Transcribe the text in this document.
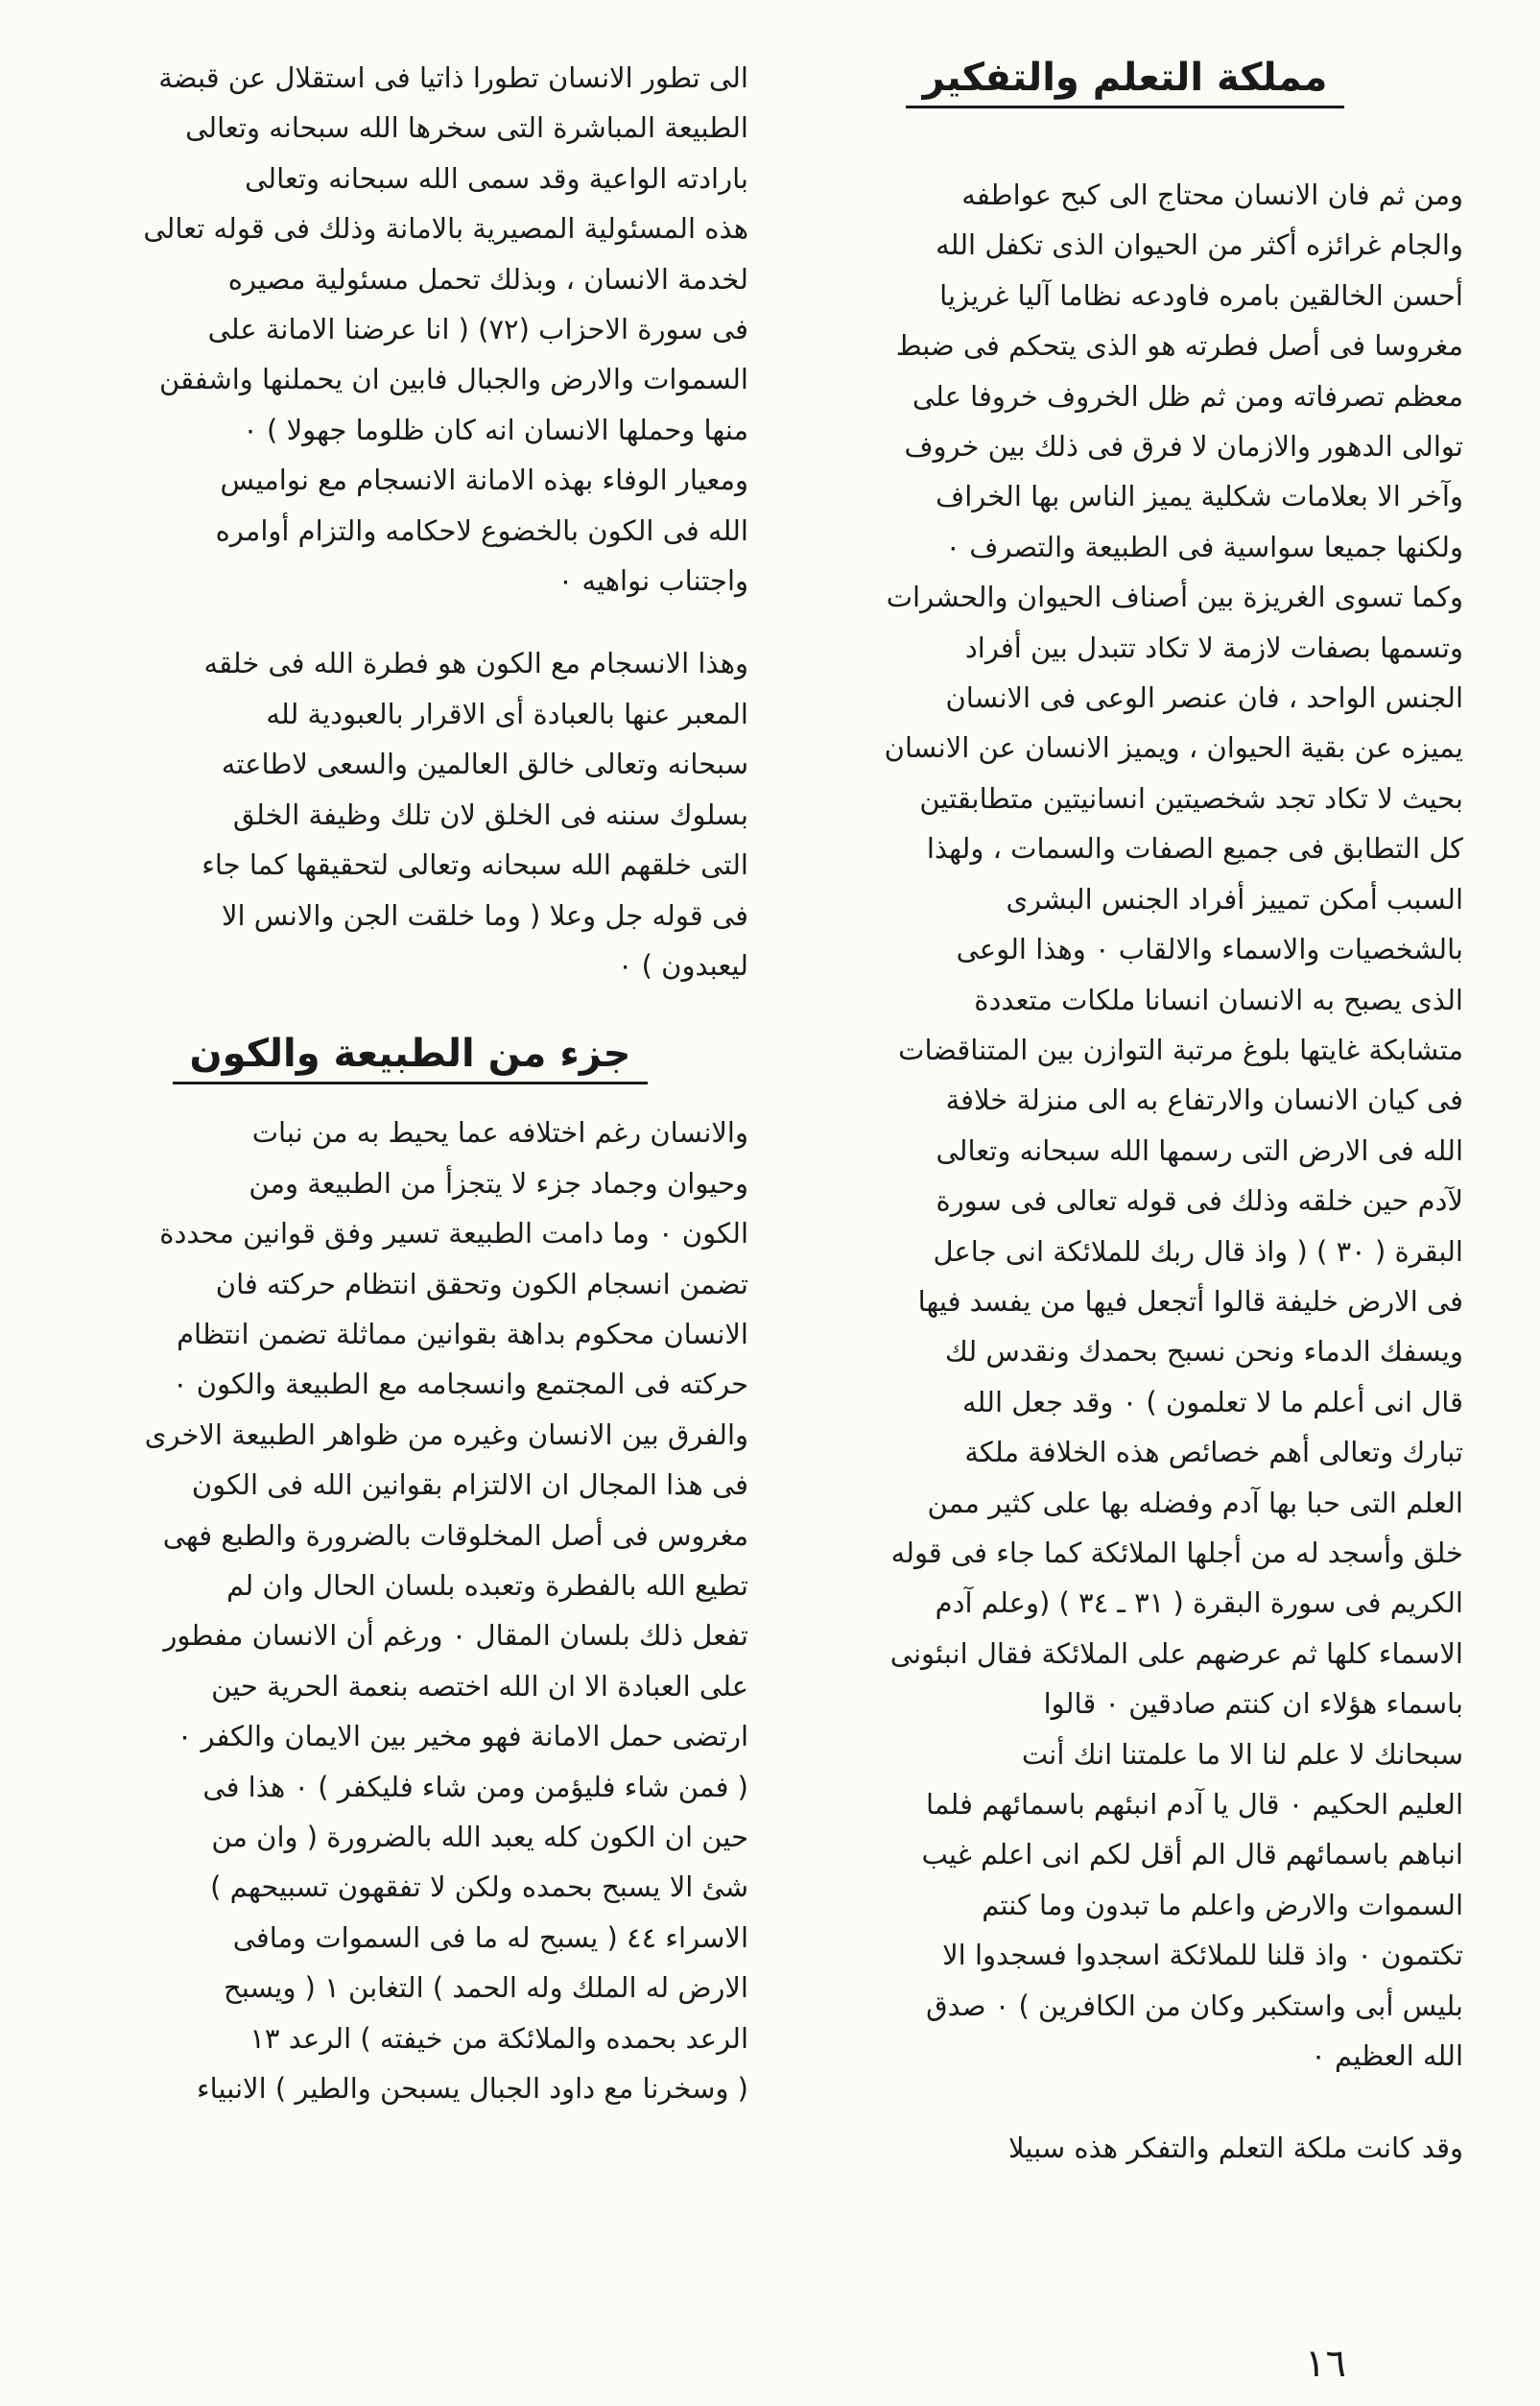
مملكة التعلم والتفكير
ومن ثم فان الانسان محتاج الى كبح عواطفه
والجام غرائزه أكثر من الحيوان الذى تكفل الله
أحسن الخالقين بامره فاودعه نظاما آليا غريزيا
مغروسا فى أصل فطرته هو الذى يتحكم فى ضبط
معظم تصرفاته ومن ثم ظل الخروف خروفا على
توالى الدهور والازمان لا فرق فى ذلك بين خروف
وآخر الا بعلامات شكلية يميز الناس بها الخراف
ولكنها جميعا سواسية فى الطبيعة والتصرف ٠
وكما تسوى الغريزة بين أصناف الحيوان والحشرات
وتسمها بصفات لازمة لا تكاد تتبدل بين أفراد
الجنس الواحد ، فان عنصر الوعى فى الانسان
يميزه عن بقية الحيوان ، ويميز الانسان عن الانسان
بحيث لا تكاد تجد شخصيتين انسانيتين متطابقتين
كل التطابق فى جميع الصفات والسمات ، ولهذا
السبب أمكن تمييز أفراد الجنس البشرى
بالشخصيات والاسماء والالقاب ٠ وهذا الوعى
الذى يصبح به الانسان انسانا ملكات متعددة
متشابكة غايتها بلوغ مرتبة التوازن بين المتناقضات
فى كيان الانسان والارتفاع به الى منزلة خلافة
الله فى الارض التى رسمها الله سبحانه وتعالى
لآدم حين خلقه وذلك فى قوله تعالى فى سورة
البقرة ( ٣٠ ) ( واذ قال ربك للملائكة انى جاعل
فى الارض خليفة قالوا أتجعل فيها من يفسد فيها
ويسفك الدماء ونحن نسبح بحمدك ونقدس لك
قال انى أعلم ما لا تعلمون ) ٠ وقد جعل الله
تبارك وتعالى أهم خصائص هذه الخلافة ملكة
العلم التى حبا بها آدم وفضله بها على كثير ممن
خلق وأسجد له من أجلها الملائكة كما جاء فى قوله
الكريم فى سورة البقرة ( ٣١ ـ ٣٤ ) (وعلم آدم
الاسماء كلها ثم عرضهم على الملائكة فقال انبئونى
باسماء هؤلاء ان كنتم صادقين ٠ قالوا
سبحانك لا علم لنا الا ما علمتنا انك أنت
العليم الحكيم ٠ قال يا آدم انبئهم باسمائهم فلما
انباهم باسمائهم قال الم أقل لكم انى اعلم غيب
السموات والارض واعلم ما تبدون وما كنتم
تكتمون ٠ واذ قلنا للملائكة اسجدوا فسجدوا الا
بليس أبى واستكبر وكان من الكافرين ) ٠ صدق
الله العظيم ٠
وقد كانت ملكة التعلم والتفكر هذه سبيلا
الى تطور الانسان تطورا ذاتيا فى استقلال عن قبضة
الطبيعة المباشرة التى سخرها الله سبحانه وتعالى
بارادته الواعية وقد سمى الله سبحانه وتعالى
هذه المسئولية المصيرية بالامانة وذلك فى قوله تعالى
لخدمة الانسان ، وبذلك تحمل مسئولية مصيره
فى سورة الاحزاب (٧٢) ( انا عرضنا الامانة على
السموات والارض والجبال فابين ان يحملنها واشفقن
منها وحملها الانسان انه كان ظلوما جهولا ) ٠
ومعيار الوفاء بهذه الامانة الانسجام مع نواميس
الله فى الكون بالخضوع لاحكامه والتزام أوامره
واجتناب نواهيه ٠
وهذا الانسجام مع الكون هو فطرة الله فى خلقه
المعبر عنها بالعبادة أى الاقرار بالعبودية لله
سبحانه وتعالى خالق العالمين والسعى لاطاعته
بسلوك سننه فى الخلق لان تلك وظيفة الخلق
التى خلقهم الله سبحانه وتعالى لتحقيقها كما جاء
فى قوله جل وعلا ( وما خلقت الجن والانس الا
ليعبدون ) ٠
جزء من الطبيعة والكون
والانسان رغم اختلافه عما يحيط به من نبات
وحيوان وجماد جزء لا يتجزأ من الطبيعة ومن
الكون ٠ وما دامت الطبيعة تسير وفق قوانين محددة
تضمن انسجام الكون وتحقق انتظام حركته فان
الانسان محكوم بداهة بقوانين مماثلة تضمن انتظام
حركته فى المجتمع وانسجامه مع الطبيعة والكون ٠
والفرق بين الانسان وغيره من ظواهر الطبيعة الاخرى
فى هذا المجال ان الالتزام بقوانين الله فى الكون
مغروس فى أصل المخلوقات بالضرورة والطبع فهى
تطيع الله بالفطرة وتعبده بلسان الحال وان لم
تفعل ذلك بلسان المقال ٠ ورغم أن الانسان مفطور
على العبادة الا ان الله اختصه بنعمة الحرية حين
ارتضى حمل الامانة فهو مخير بين الايمان والكفر ٠
( فمن شاء فليؤمن ومن شاء فليكفر ) ٠ هذا فى
حين ان الكون كله يعبد الله بالضرورة ( وان من
شئ الا يسبح بحمده ولكن لا تفقهون تسبيحهم )
الاسراء ٤٤ ( يسبح له ما فى السموات ومافى
الارض له الملك وله الحمد ) التغابن ١ ( ويسبح
الرعد بحمده والملائكة من خيفته ) الرعد ١٣
( وسخرنا مع داود الجبال يسبحن والطير ) الانبياء
١٦
